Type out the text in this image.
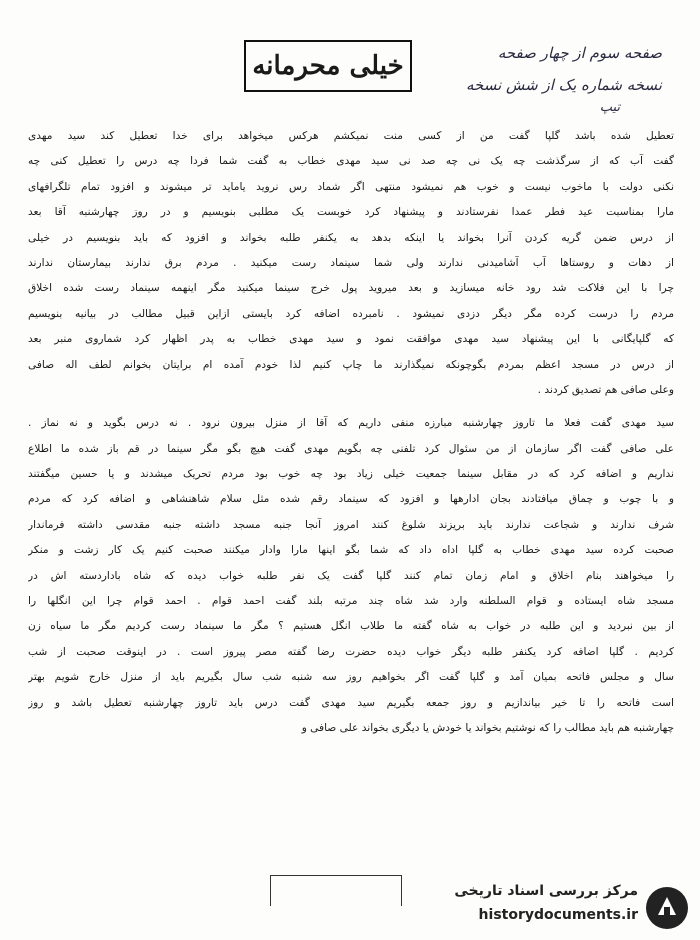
خیلی محرمانه	صفحه سوم از چهار صفحه
نسخه شماره یک از شش نسخه
تیپ
تعطیل شده باشد گلپا گفت من از کسی منت نمیکشم هرکس میخواهد برای خدا تعطیل کند سید مهدی
گفت آب که از سرگذشت چه یک نی چه صد نی سید مهدی خطاب به گفت شما فردا چه درس را تعطیل کنی چه
نکنی دولت با ماخوب نیست و خوب هم نمیشود منتهی اگر شماد رس نروید یاماید تر میشوند و افزود تمام تلگرافهای
مارا بمناسبت عید فطر عمدا نفرستادند و پیشنهاد کرد خوبست یک مطلبی بنویسیم و در روز چهارشنبه آقا بعد
از درس ضمن گریه کردن آنرا بخواند یا اینکه بدهد به یکنفر طلبه بخواند و افزود که باید بنویسیم در خیلی
از دهات و روستاها آب آشامیدنی ندارند ولی شما سینماد رست میکنید . مردم برق ندارند بیمارستان ندارند
چرا با این فلاکت شد رود خانه میسازید و بعد میروید پول خرج سینما میکنید مگر اینهمه سینماد رست شده اخلاق
مردم را درست کرده مگر دیگر دزدی نمیشود . نامبرده اضافه کرد بایستی ازاین قبیل مطالب در بیانیه بنویسیم
که گلپایگانی با این پیشنهاد سید مهدی موافقت نمود و سید مهدی خطاب به پدر اظهار کرد شماروی منبر بعد
از درس در مسجد اعظم بمردم بگوچونکه نمیگذارند ما چاپ کنیم لذا خودم آمده ام برایتان بخوانم لطف اله صافی
وعلی صافی هم تصدیق کردند .
سید مهدی گفت فعلا ما تاروز چهارشنبه مبارزه منفی داریم که آقا از منزل بیرون نرود . نه درس بگوید و نه نماز .
علی صافی گفت اگر سازمان از من سئوال کرد تلفنی چه بگویم مهدی گفت هیچ بگو مگر سینما در قم باز شده ما اطلاع
نداریم و اضافه کرد که در مقابل سینما جمعیت خیلی زیاد بود چه خوب بود مردم تحریک میشدند و یا حسین میگفتند
و با چوب و چماق میافتادند بجان ادارهها و افزود که سینماد رقم شده مثل سلام شاهنشاهی و اضافه کرد که مردم
شرف ندارند و شجاعت ندارند باید بریزند شلوغ کنند امروز آنجا جنبه مسجد داشته جنبه مقدسی داشته فرماندار
صحبت کرده سید مهدی خطاب به گلپا اداه داد که شما بگو اینها مارا وادار میکنند صحبت کنیم یک کار زشت و منکر
را میخواهند بنام اخلاق و امام زمان تمام کنند گلپا گفت یک نفر طلبه خواب دیده که شاه باداردسته اش در
مسجد شاه ایستاده و قوام السلطنه وارد شد شاه چند مرتبه بلند گفت احمد قوام . احمد قوام چرا این انگلها را
از بین نبردید و این طلبه در خواب به شاه گفته ما طلاب انگل هستیم ؟ مگر ما سینماد رست کردیم مگر ما سیاه زن
کردیم . گلپا اضافه کرد یکنفر طلبه دیگر خواب دیده حضرت رضا گفته مصر پیروز است . در اینوقت صحبت از شب
سال و مجلس فاتحه بمیان آمد و گلپا گفت اگر بخواهیم روز سه شنبه شب سال بگیریم باید از منزل خارج شویم بهتر
است فاتحه را تا خیر بیاندازیم و روز جمعه بگیریم سید مهدی گفت درس باید تاروز چهارشنبه تعطیل باشد و روز
چهارشنبه هم باید مطالب را که نوشتیم بخواند یا خودش یا دیگری بخواند علی صافی و
مرکز بررسی اسناد تاریخی
historydocuments.ir
